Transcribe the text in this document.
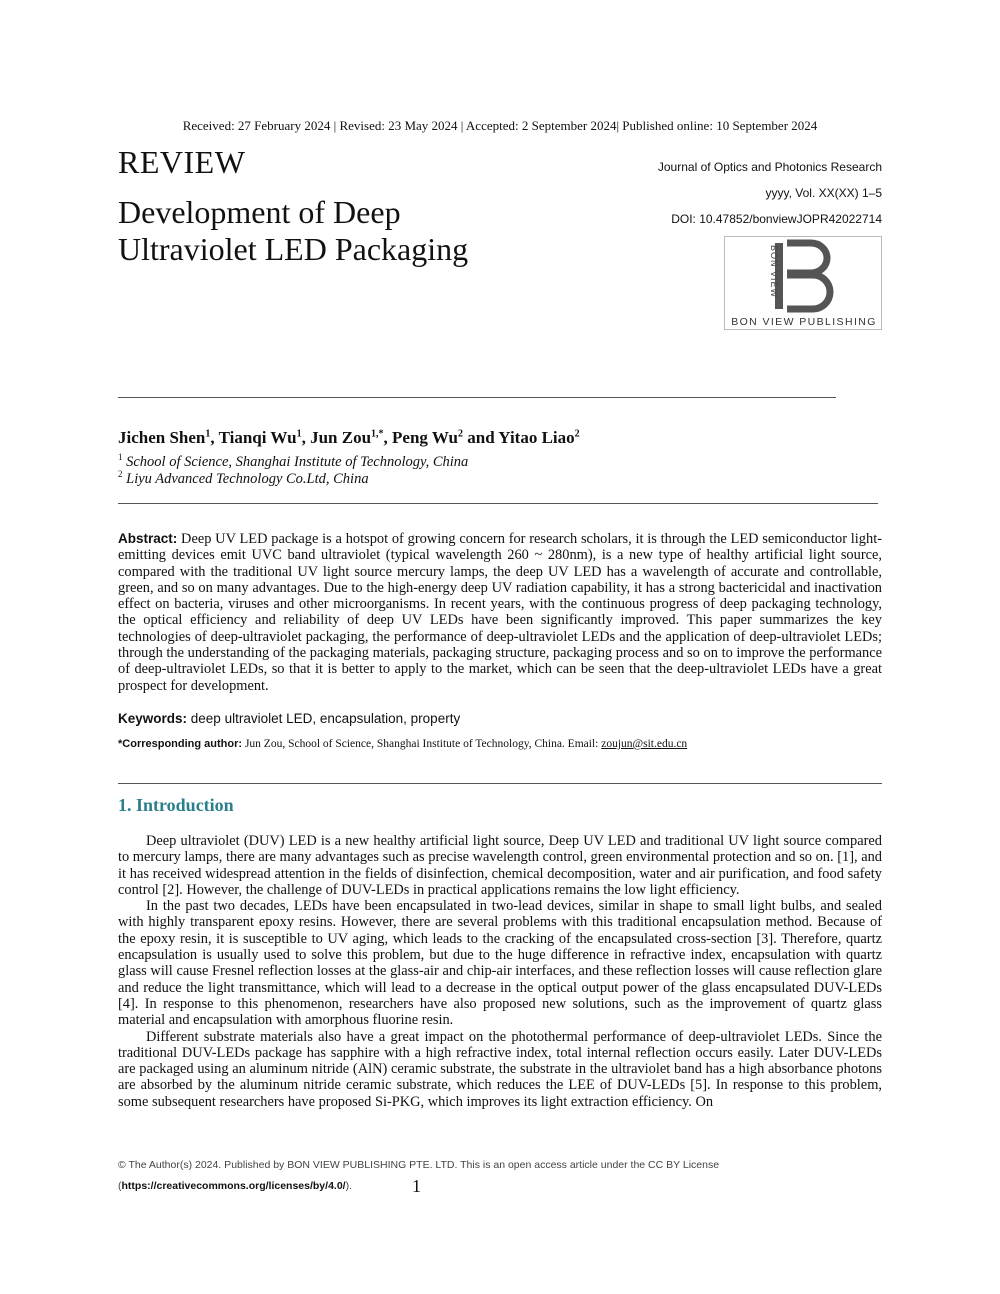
Received: 27 February 2024 | Revised: 23 May 2024 | Accepted: 2 September 2024| Published online: 10 September 2024
REVIEW
Development of Deep Ultraviolet LED Packaging
Journal of Optics and Photonics Research
yyyy, Vol. XX(XX) 1–5
DOI: 10.47852/bonviewJOPR42022714
BON VIEW
BON VIEW PUBLISHING
Jichen Shen$^1$, Tianqi Wu$^1$, Jun Zou$^{1,*}$, Peng Wu$^2$ and Yitao Liao$^2$
$^1$ School of Science, Shanghai Institute of Technology, China
$^2$ Liyu Advanced Technology Co.Ltd, China
Abstract: Deep UV LED package is a hotspot of growing concern for research scholars, it is through the LED semiconductor light-emitting devices emit UVC band ultraviolet (typical wavelength 260 ~ 280nm), is a new type of healthy artificial light source, compared with the traditional UV light source mercury lamps, the deep UV LED has a wavelength of accurate and controllable, green, and so on many advantages. Due to the high-energy deep UV radiation capability, it has a strong bactericidal and inactivation effect on bacteria, viruses and other microorganisms. In recent years, with the continuous progress of deep packaging technology, the optical efficiency and reliability of deep UV LEDs have been significantly improved. This paper summarizes the key technologies of deep-ultraviolet packaging, the performance of deep-ultraviolet LEDs and the application of deep-ultraviolet LEDs; through the understanding of the packaging materials, packaging structure, packaging process and so on to improve the performance of deep-ultraviolet LEDs, so that it is better to apply to the market, which can be seen that the deep-ultraviolet LEDs have a great prospect for development.
Keywords: deep ultraviolet LED, encapsulation, property
*Corresponding author: Jun Zou, School of Science, Shanghai Institute of Technology, China. Email: zoujun@sit.edu.cn
1. Introduction

Deep ultraviolet (DUV) LED is a new healthy artificial light source, Deep UV LED and traditional UV light source compared to mercury lamps, there are many advantages such as precise wavelength control, green environmental protection and so on. [1], and it has received widespread attention in the fields of disinfection, chemical decomposition, water and air purification, and food safety control [2]. However, the challenge of DUV-LEDs in practical applications remains the low light efficiency.

In the past two decades, LEDs have been encapsulated in two-lead devices, similar in shape to small light bulbs, and sealed with highly transparent epoxy resins. However, there are several problems with this traditional encapsulation method. Because of the epoxy resin, it is susceptible to UV aging, which leads to the cracking of the encapsulated cross-section [3]. Therefore, quartz encapsulation is usually used to solve this problem, but due to the huge difference in refractive index, encapsulation with quartz glass will cause Fresnel reflection losses at the glass-air and chip-air interfaces, and these reflection losses will cause reflection glare and reduce the light transmittance, which will lead to a decrease in the optical output power of the glass encapsulated DUV-LEDs [4]. In response to this phenomenon, researchers have also proposed new solutions, such as the improvement of quartz glass material and encapsulation with amorphous fluorine resin.

Different substrate materials also have a great impact on the photothermal performance of deep-ultraviolet LEDs. Since the traditional DUV-LEDs package has sapphire with a high refractive index, total internal reflection occurs easily. Later DUV-LEDs are packaged using an aluminum nitride (AlN) ceramic substrate, the substrate in the ultraviolet band has a high absorbance photons are absorbed by the aluminum nitride ceramic substrate, which reduces the LEE of DUV-LEDs [5]. In response to this problem, some subsequent researchers have proposed Si-PKG, which improves its light extraction efficiency. On

© The Author(s) 2024. Published by BON VIEW PUBLISHING PTE. LTD. This is an open access article under the CC BY License
(https://creativecommons.org/licenses/by/4.0/).	1
